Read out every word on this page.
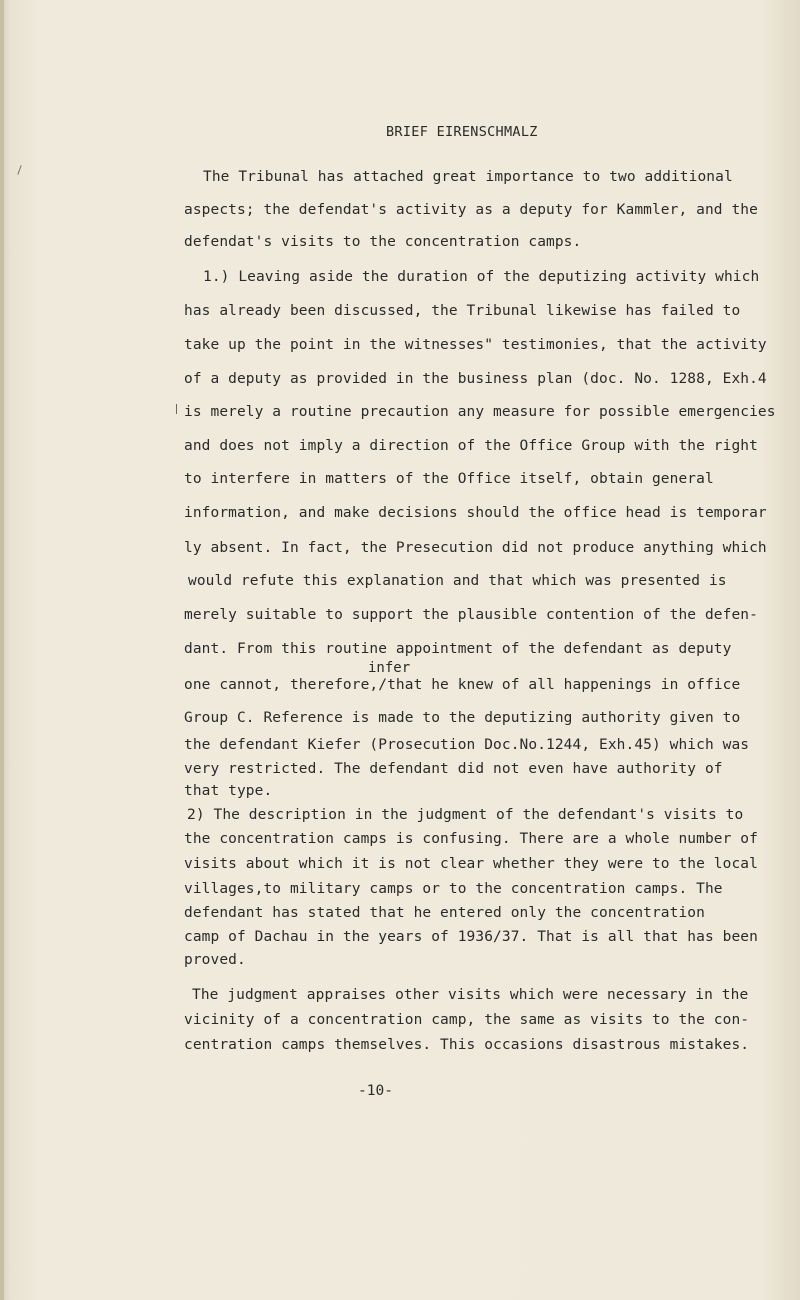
BRIEF EIRENSCHMALZ

The Tribunal has attached great importance to two additional

aspects; the defendat's activity as a deputy for Kammler, and the

defendat's visits to the concentration camps.

1.) Leaving aside the duration of the deputizing activity which

has already been discussed, the Tribunal likewise has failed to

take up the point in the witnesses" testimonies, that the activity

of a deputy as provided in the business plan (doc. No. 1288, Exh.4

is merely a routine precaution any measure for possible emergencies

and does not imply a direction of the Office Group with the right

to interfere in matters of the Office itself, obtain general

information, and make decisions should the office head is temporar

ly absent. In fact, the Presecution did not produce anything which

would refute this explanation and that which was presented is

merely suitable to support the plausible contention of the defen-

dant. From this routine appointment of the defendant as deputy

infer

one cannot, therefore,/that he knew of all happenings in office

Group C. Reference is made to the deputizing authority given to

the defendant Kiefer (Prosecution Doc.No.1244, Exh.45) which was

very restricted. The defendant did not even have authority of

that type.

2) The description in the judgment of the defendant's visits to

the concentration camps is confusing. There are a whole number of

visits about which it is not clear whether they were to the local

villages,to military camps or to the concentration camps. The

defendant has stated that he entered only the concentration

camp of Dachau in the years of 1936/37. That is all that has been

proved.

The judgment appraises other visits which were necessary in the

vicinity of a concentration camp, the same as visits to the con-

centration camps themselves. This occasions disastrous mistakes.

-10-
